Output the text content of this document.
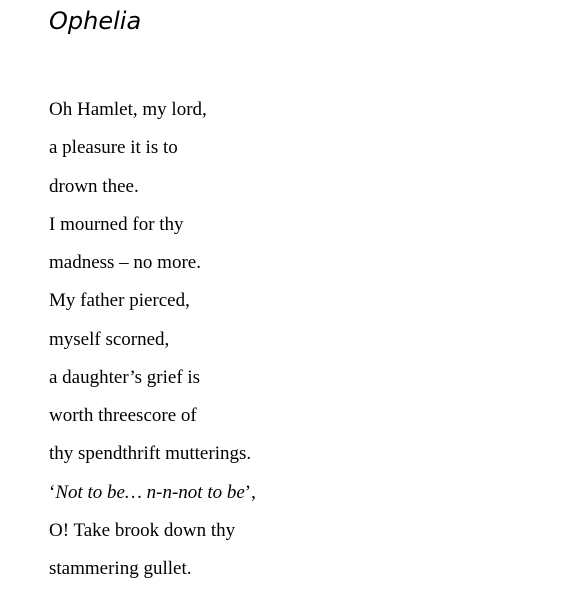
Ophelia
Oh Hamlet, my lord,
a pleasure it is to
drown thee.
I mourned for thy
madness – no more.
My father pierced,
myself scorned,
a daughter’s grief is
worth threescore of
thy spendthrift mutterings.
‘Not to be… n-n-not to be’,
O! Take brook down thy
stammering gullet.
